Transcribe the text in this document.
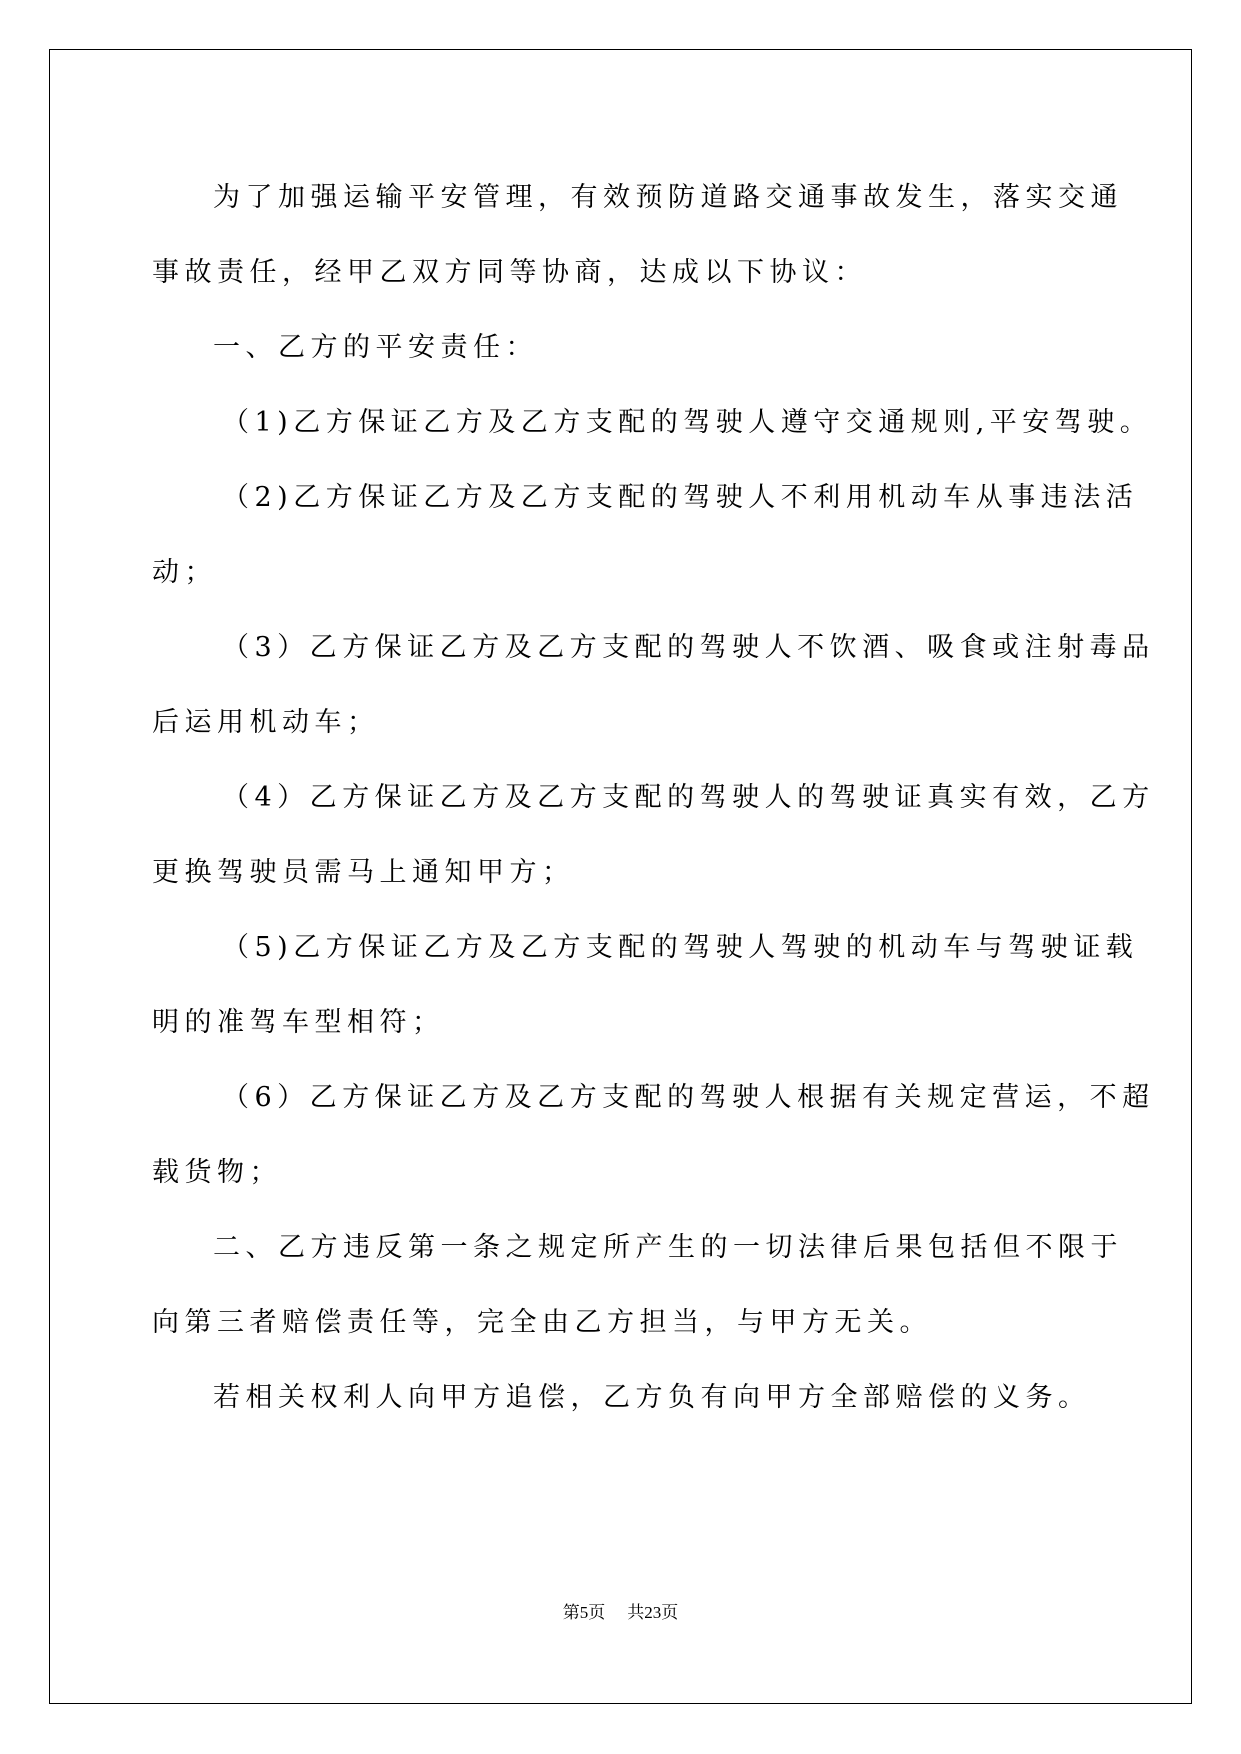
为了加强运输平安管理，有效预防道路交通事故发生，落实交通

事故责任，经甲乙双方同等协商，达成以下协议：

一、乙方的平安责任：

（1)乙方保证乙方及乙方支配的驾驶人遵守交通规则,平安驾驶。

（2)乙方保证乙方及乙方支配的驾驶人不利用机动车从事违法活

动；

（3）乙方保证乙方及乙方支配的驾驶人不饮酒、吸食或注射毒品

后运用机动车；

（4）乙方保证乙方及乙方支配的驾驶人的驾驶证真实有效，乙方

更换驾驶员需马上通知甲方；

（5)乙方保证乙方及乙方支配的驾驶人驾驶的机动车与驾驶证载

明的准驾车型相符；

（6）乙方保证乙方及乙方支配的驾驶人根据有关规定营运，不超

载货物；

二、乙方违反第一条之规定所产生的一切法律后果包括但不限于

向第三者赔偿责任等，完全由乙方担当，与甲方无关。

若相关权利人向甲方追偿，乙方负有向甲方全部赔偿的义务。

第5页 共23页
